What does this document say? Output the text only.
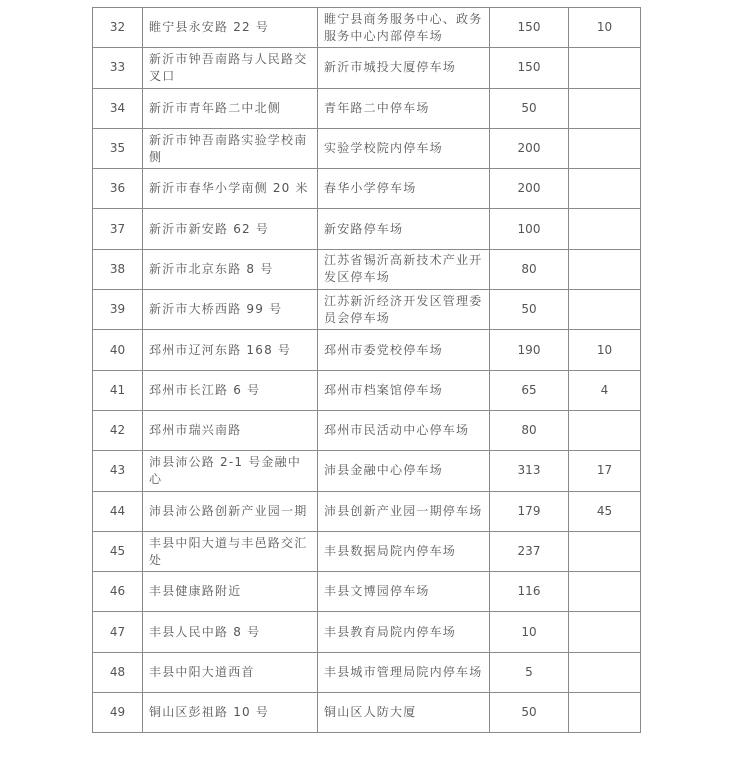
32	睢宁县永安路 22 号	睢宁县商务服务中心、政务服务中心内部停车场	150	10
33	新沂市钟吾南路与人民路交叉口	新沂市城投大厦停车场	150	
34	新沂市青年路二中北侧	青年路二中停车场	50	
35	新沂市钟吾南路实验学校南侧	实验学校院内停车场	200	
36	新沂市春华小学南侧 20 米	春华小学停车场	200	
37	新沂市新安路 62 号	新安路停车场	100	
38	新沂市北京东路 8 号	江苏省锡沂高新技术产业开发区停车场	80	
39	新沂市大桥西路 99 号	江苏新沂经济开发区管理委员会停车场	50	
40	邳州市辽河东路 168 号	邳州市委党校停车场	190	10
41	邳州市长江路 6 号	邳州市档案馆停车场	65	4
42	邳州市瑞兴南路	邳州市民活动中心停车场	80	
43	沛县沛公路 2-1 号金融中心	沛县金融中心停车场	313	17
44	沛县沛公路创新产业园一期	沛县创新产业园一期停车场	179	45
45	丰县中阳大道与丰邑路交汇处	丰县数据局院内停车场	237	
46	丰县健康路附近	丰县文博园停车场	116	
47	丰县人民中路 8 号	丰县教育局院内停车场	10	
48	丰县中阳大道西首	丰县城市管理局院内停车场	5	
49	铜山区彭祖路 10 号	铜山区人防大厦	50	
